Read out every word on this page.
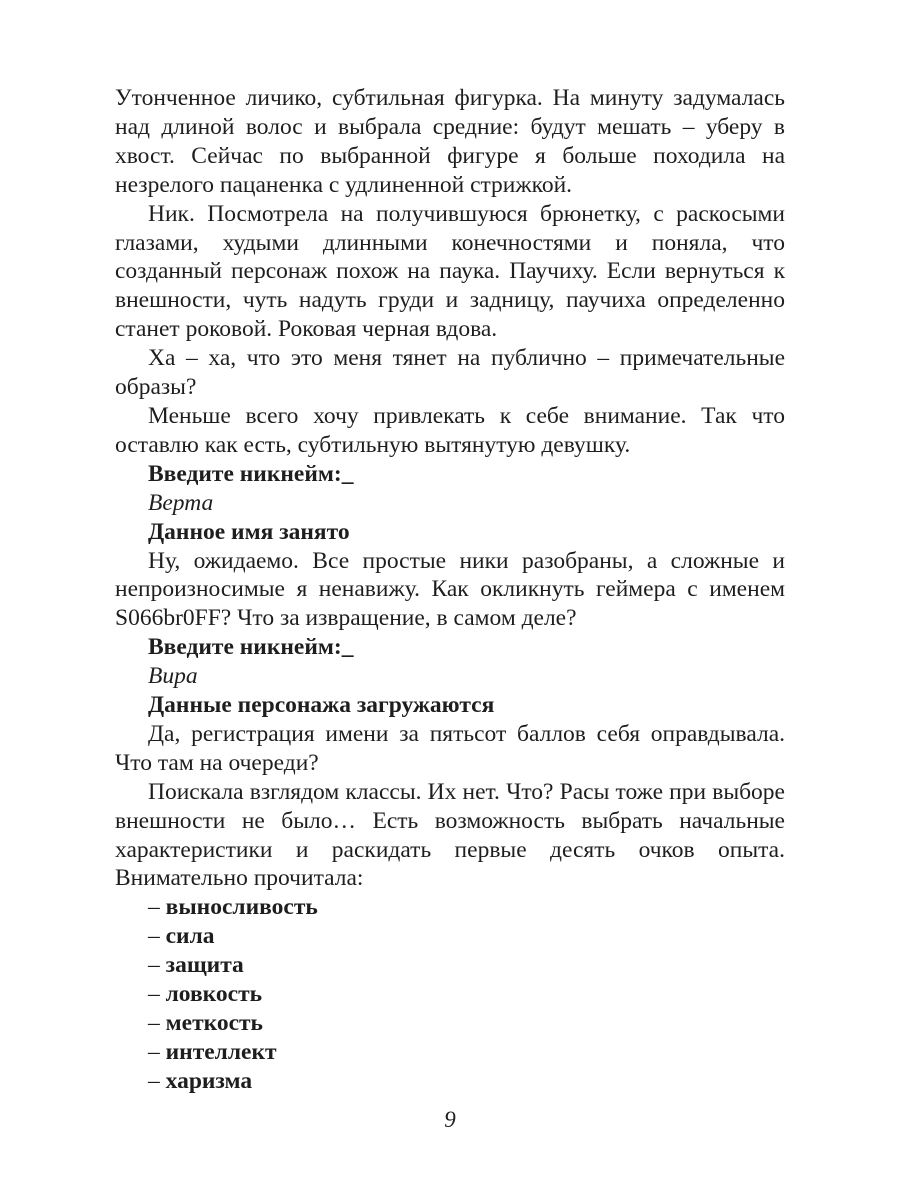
Утонченное личико, субтильная фигурка. На минуту задумалась над длиной волос и выбрала средние: будут мешать – уберу в хвост. Сейчас по выбранной фигуре я больше походила на незрелого пацаненка с удлиненной стрижкой.

Ник. Посмотрела на получившуюся брюнетку, с раскосыми глазами, худыми длинными конечностями и поняла, что созданный персонаж похож на паука. Паучиху. Если вернуться к внешности, чуть надуть груди и задницу, паучиха определенно станет роковой. Роковая черная вдова.

Ха – ха, что это меня тянет на публично – примечательные образы?

Меньше всего хочу привлекать к себе внимание. Так что оставлю как есть, субтильную вытянутую девушку.

Введите никнейм:_

Верта

Данное имя занято

Ну, ожидаемо. Все простые ники разобраны, а сложные и непроизносимые я ненавижу. Как окликнуть геймера с именем S066br0FF? Что за извращение, в самом деле?

Введите никнейм:_

Вира

Данные персонажа загружаются

Да, регистрация имени за пятьсот баллов себя оправдывала. Что там на очереди?

Поискала взглядом классы. Их нет. Что? Расы тоже при выборе внешности не было… Есть возможность выбрать начальные характеристики и раскидать первые десять очков опыта. Внимательно прочитала:

– выносливость
– сила
– защита
– ловкость
– меткость
– интеллект
– харизма
9
